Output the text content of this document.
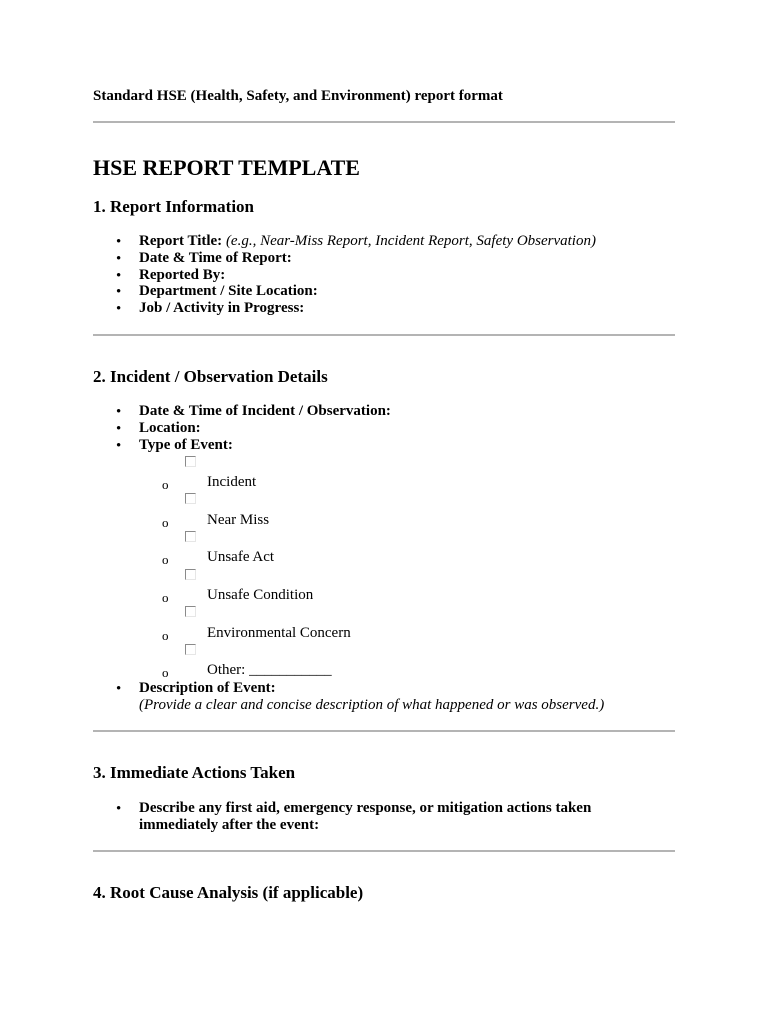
Standard HSE (Health, Safety, and Environment) report format
HSE REPORT TEMPLATE
1. Report Information
• Report Title: (e.g., Near-Miss Report, Incident Report, Safety Observation)
• Date & Time of Report:
• Reported By:
• Department / Site Location:
• Job / Activity in Progress:
2. Incident / Observation Details
• Date & Time of Incident / Observation:
• Location:
• Type of Event:
o	Incident
o	Near Miss
o	Unsafe Act
o	Unsafe Condition
o	Environmental Concern
o	Other: ___________
• Description of Event:
(Provide a clear and concise description of what happened or was observed.)
3. Immediate Actions Taken
• Describe any first aid, emergency response, or mitigation actions taken
immediately after the event:
4. Root Cause Analysis (if applicable)
